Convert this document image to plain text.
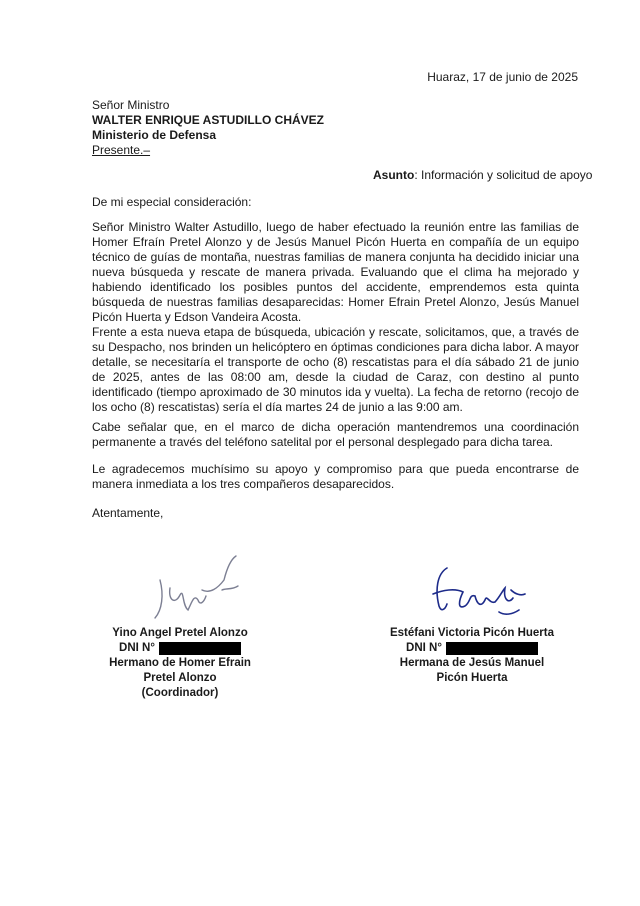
Huaraz, 17 de junio de 2025
Señor Ministro
WALTER ENRIQUE ASTUDILLO CHÁVEZ
Ministerio de Defensa
Presente.–
Asunto: Información y solicitud de apoyo
De mi especial consideración:

Señor Ministro Walter Astudillo, luego de haber efectuado la reunión entre las familias de Homer Efraín Pretel Alonzo y de Jesús Manuel Picón Huerta en compañía de un equipo técnico de guías de montaña, nuestras familias de manera conjunta ha decidido iniciar una nueva búsqueda y rescate de manera privada. Evaluando que el clima ha mejorado y habiendo identificado los posibles puntos del accidente, emprendemos esta quinta búsqueda de nuestras familias desaparecidas: Homer Efrain Pretel Alonzo, Jesús Manuel Picón Huerta y Edson Vandeira Acosta.

Frente a esta nueva etapa de búsqueda, ubicación y rescate, solicitamos, que, a través de su Despacho, nos brinden un helicóptero en óptimas condiciones para dicha labor. A mayor detalle, se necesitaría el transporte de ocho (8) rescatistas para el día sábado 21 de junio de 2025, antes de las 08:00 am, desde la ciudad de Caraz, con destino al punto identificado (tiempo aproximado de 30 minutos ida y vuelta). La fecha de retorno (recojo de los ocho (8) rescatistas) sería el día martes 24 de junio a las 9:00 am.

Cabe señalar que, en el marco de dicha operación mantendremos una coordinación permanente a través del teléfono satelital por el personal desplegado para dicha tarea.

Le agradecemos muchísimo su apoyo y compromiso para que pueda encontrarse de manera inmediata a los tres compañeros desaparecidos.

Atentamente,
Yino Angel Pretel Alonzo
DNI N°
Hermano de Homer Efrain
Pretel Alonzo
(Coordinador)
Estéfani Victoria Picón Huerta
DNI N°
Hermana de Jesús Manuel
Picón Huerta
